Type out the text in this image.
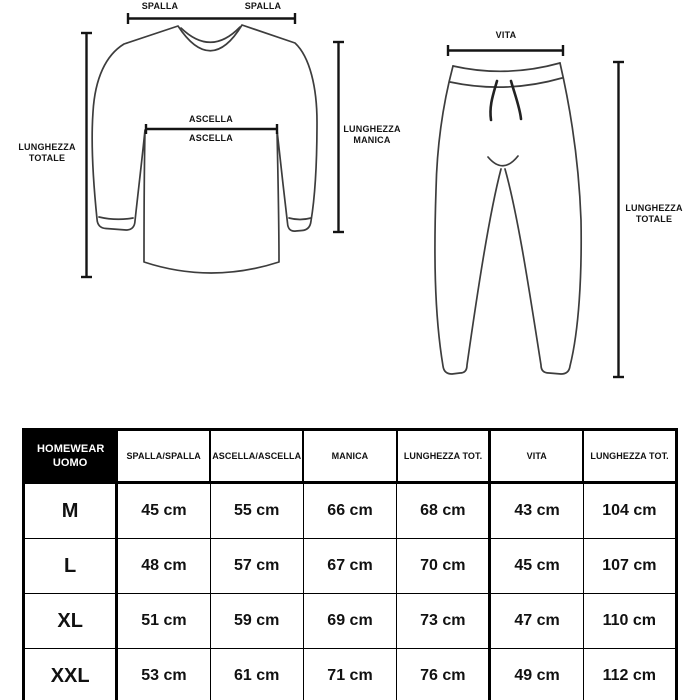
SPALLA	SPALLA
ASCELLA
ASCELLA
LUNGHEZZA TOTALE
LUNGHEZZA MANICA
VITA
LUNGHEZZA TOTALE
HOMEWEAR UOMO	SPALLA/SPALLA	ASCELLA/ASCELLA	MANICA	LUNGHEZZA TOT.	VITA	LUNGHEZZA TOT.
M	45 cm	55 cm	66 cm	68 cm	43 cm	104 cm
L	48 cm	57 cm	67 cm	70 cm	45 cm	107 cm
XL	51 cm	59 cm	69 cm	73 cm	47 cm	110 cm
XXL	53 cm	61 cm	71 cm	76 cm	49 cm	112 cm
